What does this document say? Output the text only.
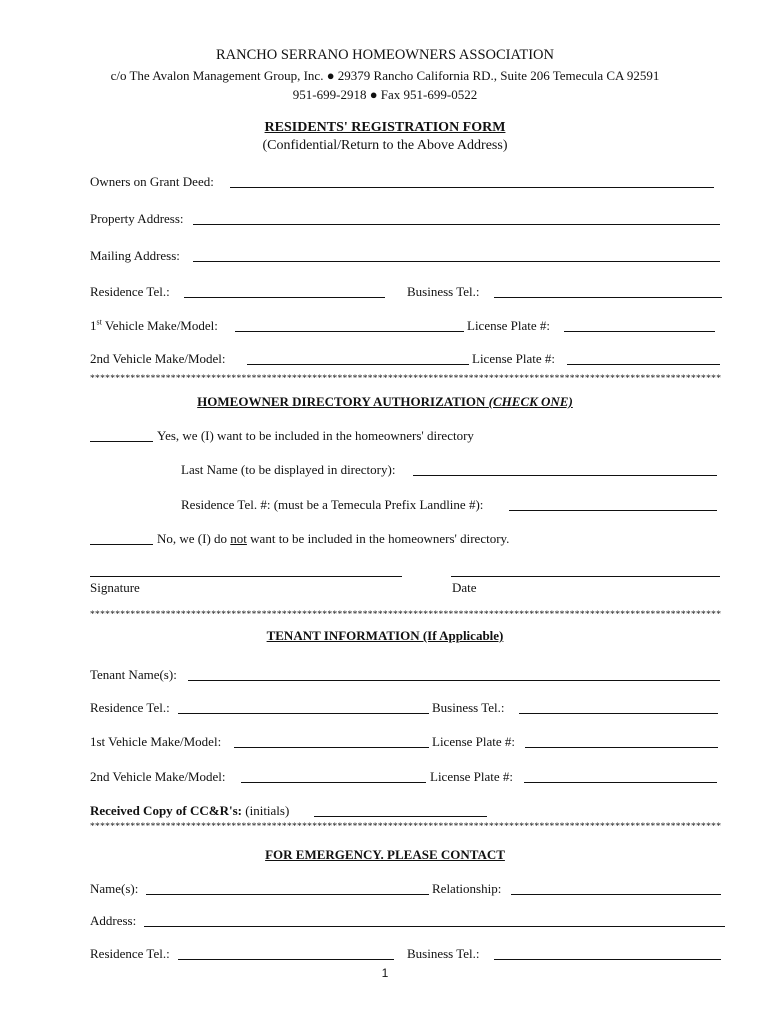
RANCHO SERRANO HOMEOWNERS ASSOCIATION
c/o The Avalon Management Group, Inc. ● 29379 Rancho California RD., Suite 206 Temecula CA 92591
951-699-2918 ● Fax 951-699-0522
RESIDENTS' REGISTRATION FORM
(Confidential/Return to the Above Address)
Owners on Grant Deed:
Property Address:
Mailing Address:
Residence Tel.:	Business Tel.:
1st Vehicle Make/Model:	License Plate #:
2nd Vehicle Make/Model:	License Plate #:
*****************************************************************************************************************************
HOMEOWNER DIRECTORY AUTHORIZATION (CHECK ONE)
Yes, we (I) want to be included in the homeowners' directory
Last Name (to be displayed in directory):
Residence Tel. #: (must be a Temecula Prefix Landline #):
No, we (I) do not want to be included in the homeowners' directory.
Signature	Date
*****************************************************************************************************************************
TENANT INFORMATION (If Applicable)
Tenant Name(s):
Residence Tel.:	Business Tel.:
1st Vehicle Make/Model:	License Plate #:
2nd Vehicle Make/Model:	License Plate #:
Received Copy of CC&R's: (initials)
*****************************************************************************************************************************
FOR EMERGENCY. PLEASE CONTACT
Name(s):	Relationship:
Address:
Residence Tel.:	Business Tel.:
1
